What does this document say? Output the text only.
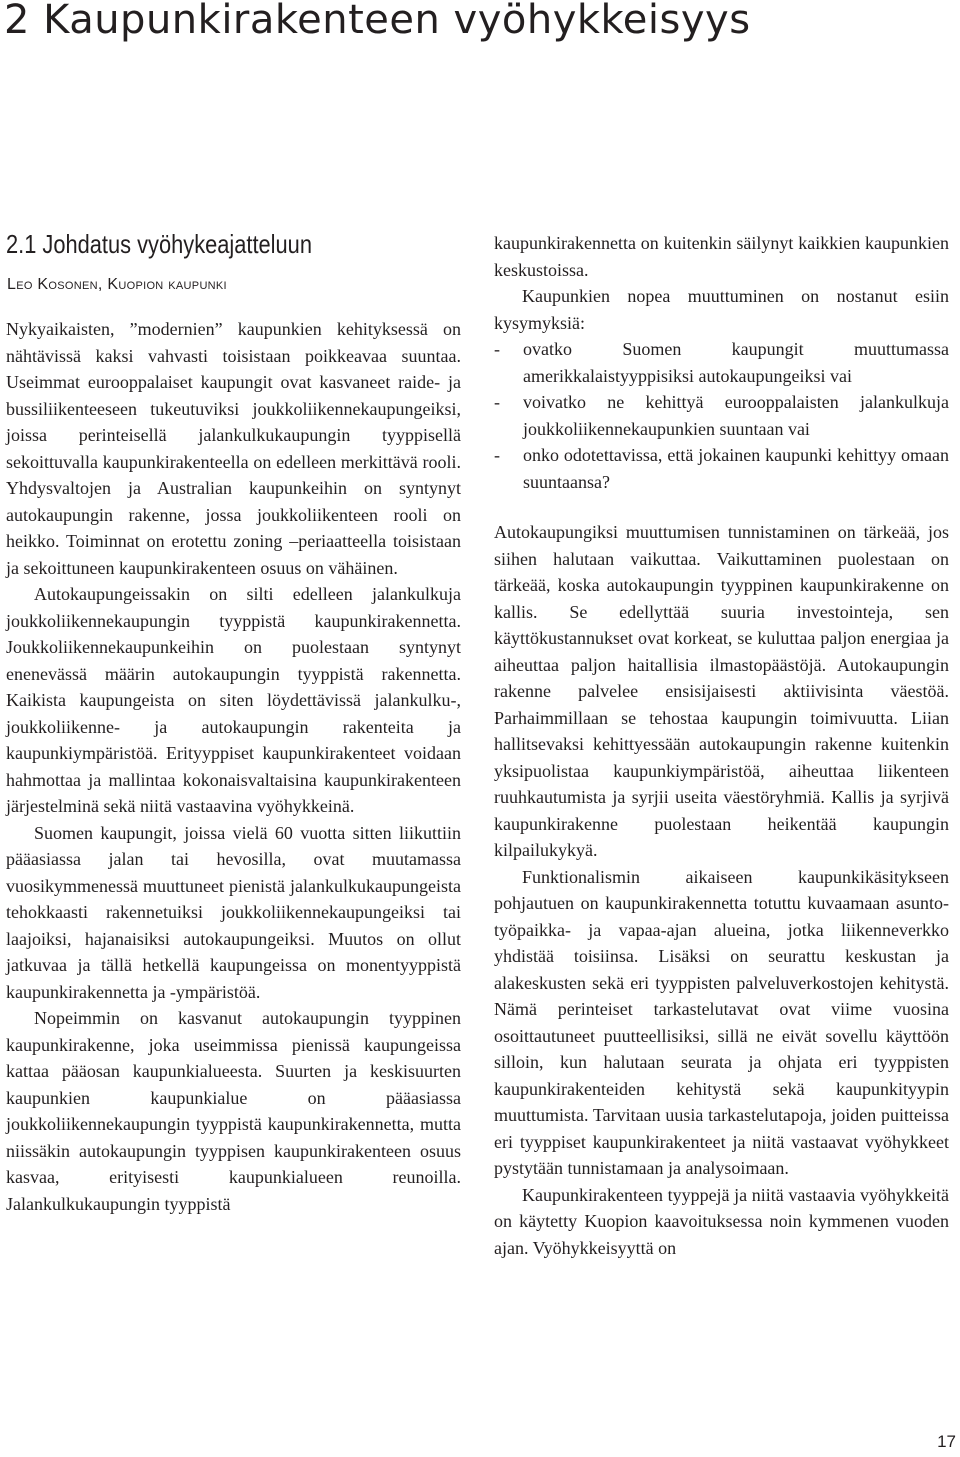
2 Kaupunkirakenteen vyöhykkeisyys
2.1 Johdatus vyöhykeajatteluun

Leo Kosonen, Kuopion kaupunki

Nykyaikaisten, ”modernien” kaupunkien kehityksessä on nähtävissä kaksi vahvasti toisistaan poikkeavaa suuntaa. Useimmat eurooppalaiset kaupungit ovat kasvaneet raide- ja bussiliikenteeseen tukeutuviksi joukkoliikennekaupungeiksi, joissa perinteisellä jalankulkukaupungin tyyppisellä sekoittuvalla kaupunkirakenteella on edelleen merkittävä rooli. Yhdysvaltojen ja Australian kaupunkeihin on syntynyt autokaupungin rakenne, jossa joukkoliikenteen rooli on heikko. Toiminnat on erotettu zoning –periaatteella toisistaan ja sekoittuneen kaupunkirakenteen osuus on vähäinen.

Autokaupungeissakin on silti edelleen jalankulkuja joukkoliikennekaupungin tyyppistä kaupunkirakennetta. Joukkoliikennekaupunkeihin on puolestaan syntynyt enenevässä määrin autokaupungin tyyppistä rakennetta. Kaikista kaupungeista on siten löydettävissä jalankulku-, joukkoliikenne- ja autokaupungin rakenteita ja kaupunkiympäristöä. Erityyppiset kaupunkirakenteet voidaan hahmottaa ja mallintaa kokonaisvaltaisina kaupunkirakenteen järjestelminä sekä niitä vastaavina vyöhykkeinä.

Suomen kaupungit, joissa vielä 60 vuotta sitten liikuttiin pääasiassa jalan tai hevosilla, ovat muutamassa vuosikymmenessä muuttuneet pienistä jalankulkukaupungeista tehokkaasti rakennetuiksi joukkoliikennekaupungeiksi tai laajoiksi, hajanaisiksi autokaupungeiksi. Muutos on ollut jatkuvaa ja tällä hetkellä kaupungeissa on monentyyppistä kaupunkirakennetta ja -ympäristöä.

Nopeimmin on kasvanut autokaupungin tyyppinen kaupunkirakenne, joka useimmissa pienissä kaupungeissa kattaa pääosan kaupunkialueesta. Suurten ja keskisuurten kaupunkien kaupunkialue on pääasiassa joukkoliikennekaupungin tyyppistä kaupunkirakennetta, mutta niissäkin autokaupungin tyyppisen kaupunkirakenteen osuus kasvaa, erityisesti kaupunkialueen reunoilla. Jalankulkukaupungin tyyppistä

kaupunkirakennetta on kuitenkin säilynyt kaikkien kaupunkien keskustoissa.

Kaupunkien nopea muuttuminen on nostanut esiin kysymyksiä:

- ovatko Suomen kaupungit muuttumassa amerikkalaistyyppisiksi autokaupungeiksi vai
- voivatko ne kehittyä eurooppalaisten jalankulkuja joukkoliikennekaupunkien suuntaan vai
- onko odotettavissa, että jokainen kaupunki kehittyy omaan suuntaansa?

Autokaupungiksi muuttumisen tunnistaminen on tärkeää, jos siihen halutaan vaikuttaa. Vaikuttaminen puolestaan on tärkeää, koska autokaupungin tyyppinen kaupunkirakenne on kallis. Se edellyttää suuria investointeja, sen käyttökustannukset ovat korkeat, se kuluttaa paljon energiaa ja aiheuttaa paljon haitallisia ilmastopäästöjä. Autokaupungin rakenne palvelee ensisijaisesti aktiivisinta väestöä. Parhaimmillaan se tehostaa kaupungin toimivuutta. Liian hallitsevaksi kehittyessään autokaupungin rakenne kuitenkin yksipuolistaa kaupunkiympäristöä, aiheuttaa liikenteen ruuhkautumista ja syrjii useita väestöryhmiä. Kallis ja syrjivä kaupunkirakenne puolestaan heikentää kaupungin kilpailukykyä.

Funktionalismin aikaiseen kaupunkikäsitykseen pohjautuen on kaupunkirakennetta totuttu kuvaamaan asunto- työpaikka- ja vapaa-ajan alueina, jotka liikenneverkko yhdistää toisiinsa. Lisäksi on seurattu keskustan ja alakeskusten sekä eri tyyppisten palveluverkostojen kehitystä. Nämä perinteiset tarkastelutavat ovat viime vuosina osoittautuneet puutteellisiksi, sillä ne eivät sovellu käyttöön silloin, kun halutaan seurata ja ohjata eri tyyppisten kaupunkirakenteiden kehitystä sekä kaupunkityypin muuttumista. Tarvitaan uusia tarkastelutapoja, joiden puitteissa eri tyyppiset kaupunkirakenteet ja niitä vastaavat vyöhykkeet pystytään tunnistamaan ja analysoimaan.

Kaupunkirakenteen tyyppejä ja niitä vastaavia vyöhykkeitä on käytetty Kuopion kaavoituksessa noin kymmenen vuoden ajan. Vyöhykkeisyyttä on

17
